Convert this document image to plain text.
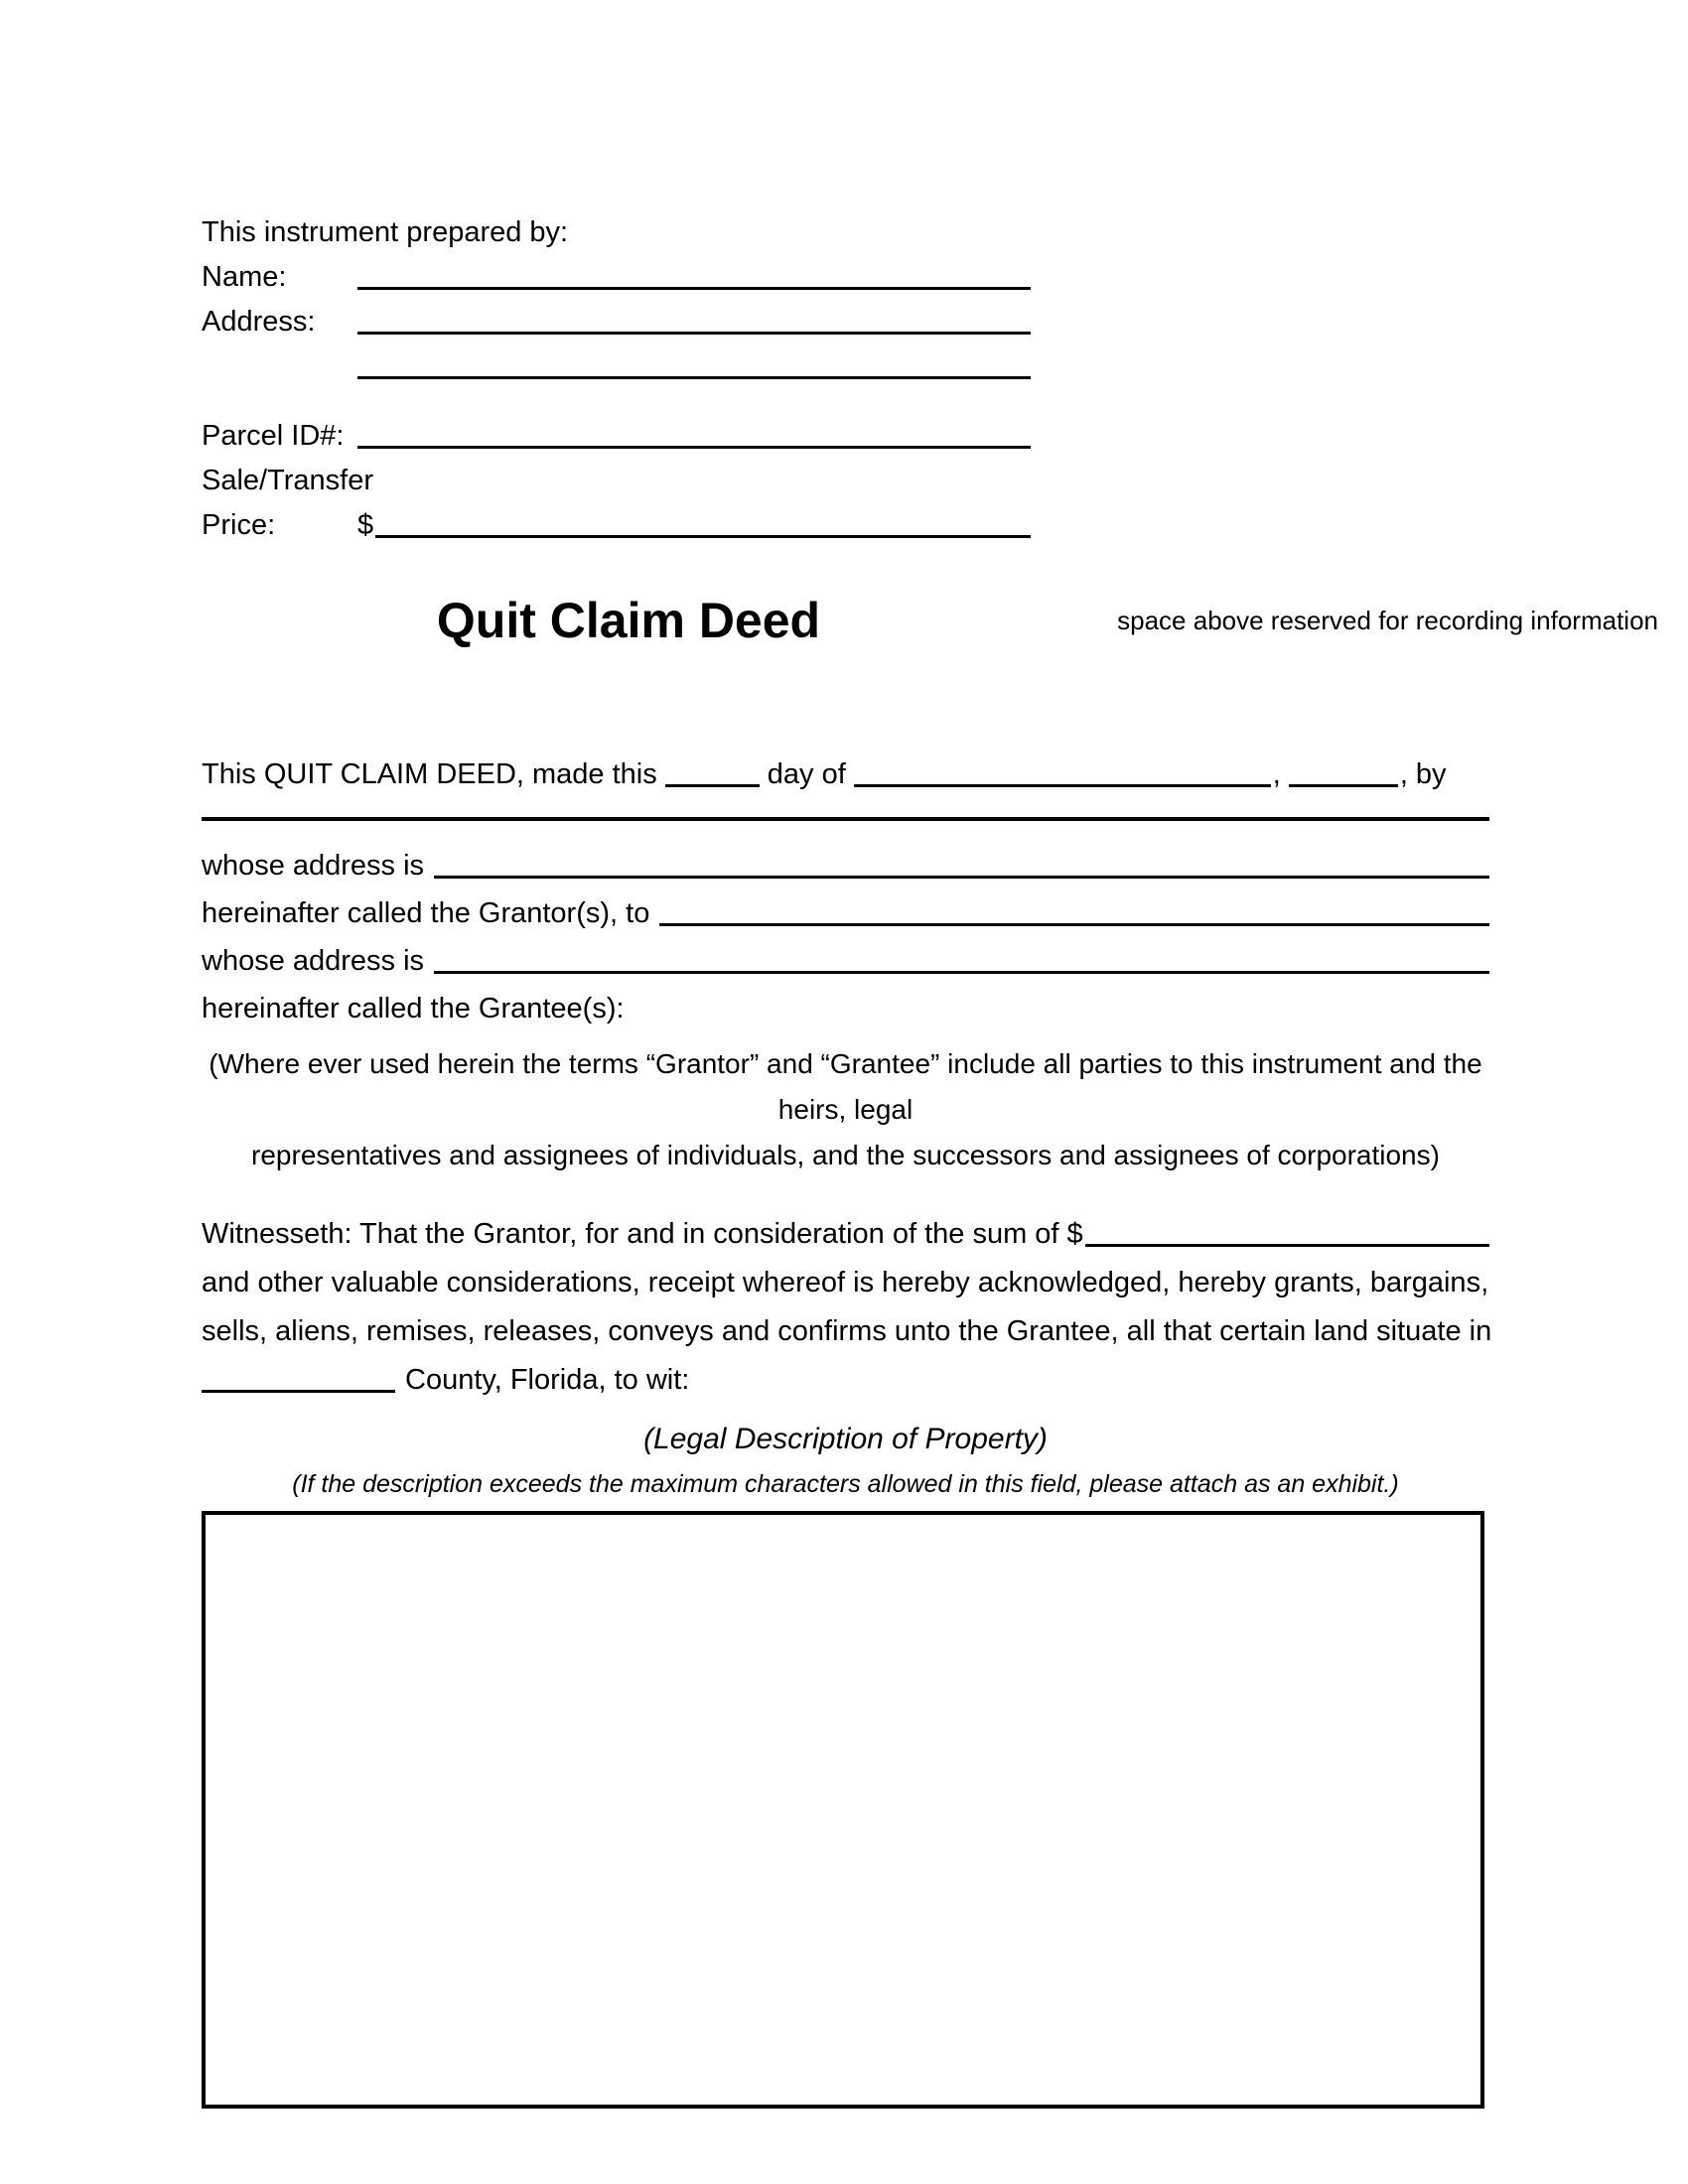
This instrument prepared by:
Name:
Address:
Parcel ID#:
Sale/Transfer
Price:	$
Quit Claim Deed	space above reserved for recording information
This QUIT CLAIM DEED, made this	day of	,	, by
whose address is
hereinafter called the Grantor(s), to
whose address is
hereinafter called the Grantee(s):
(Where ever used herein the terms “Grantor” and “Grantee” include all parties to this instrument and the heirs, legal
representatives and assignees of individuals, and the successors and assignees of corporations)
Witnesseth: That the Grantor, for and in consideration of the sum of $
and other valuable considerations, receipt whereof is hereby acknowledged, hereby grants, bargains,
sells, aliens, remises, releases, conveys and confirms unto the Grantee, all that certain land situate in
County, Florida, to wit:
(Legal Description of Property)
(If the description exceeds the maximum characters allowed in this field, please attach as an exhibit.)
